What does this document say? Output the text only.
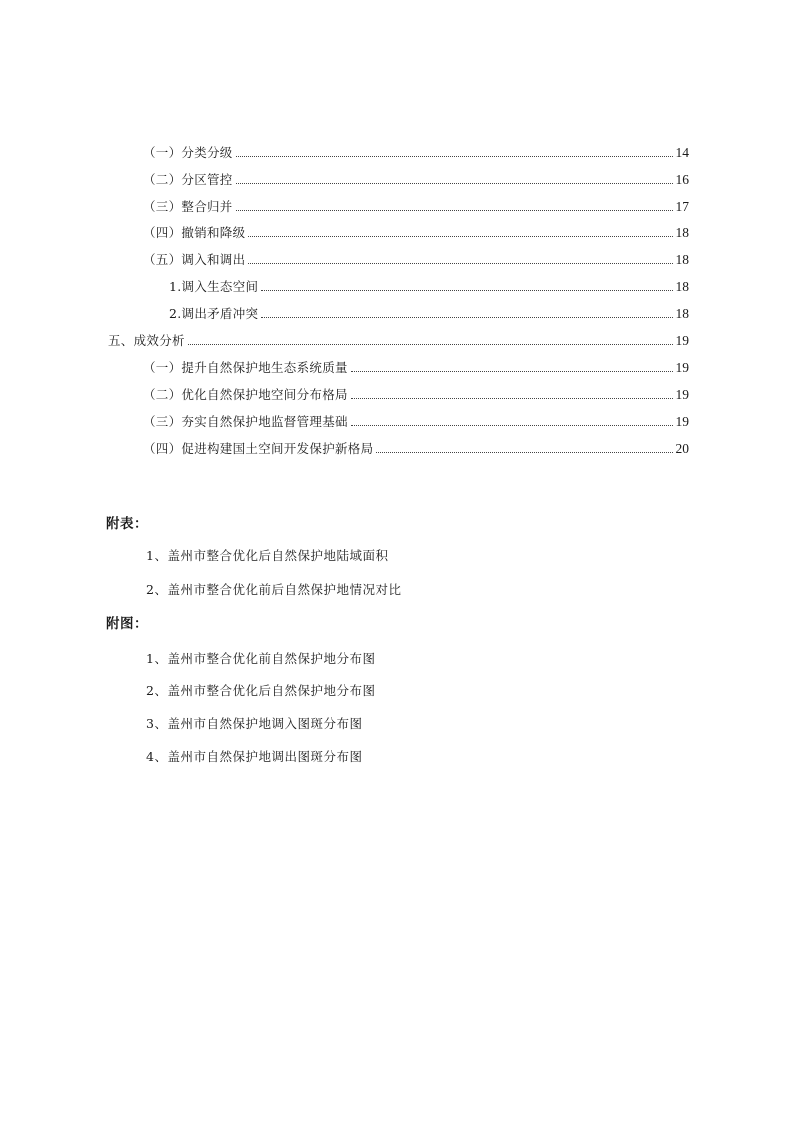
（一）分类分级	14
（二）分区管控	16
（三）整合归并	17
（四）撤销和降级	18
（五）调入和调出	18
1.调入生态空间	18
2.调出矛盾冲突	18
五、成效分析	19
（一）提升自然保护地生态系统质量	19
（二）优化自然保护地空间分布格局	19
（三）夯实自然保护地监督管理基础	19
（四）促进构建国土空间开发保护新格局	20
附表：
1、盖州市整合优化后自然保护地陆域面积
2、盖州市整合优化前后自然保护地情况对比
附图：
1、盖州市整合优化前自然保护地分布图
2、盖州市整合优化后自然保护地分布图
3、盖州市自然保护地调入图斑分布图
4、盖州市自然保护地调出图斑分布图
